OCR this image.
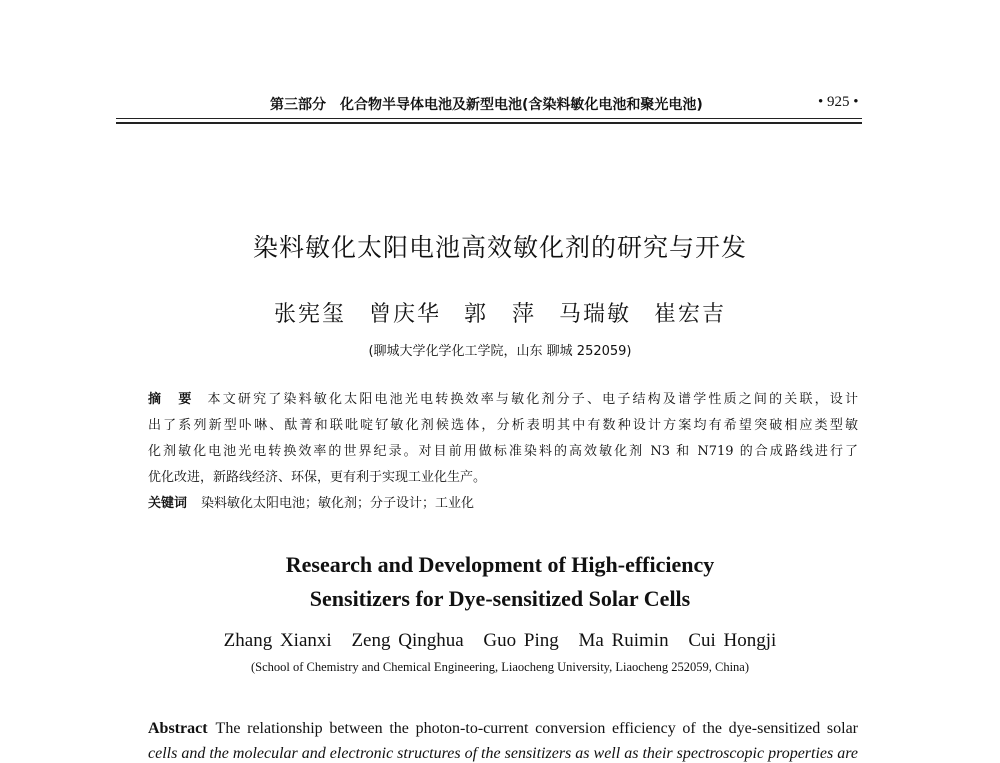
第三部分　化合物半导体电池及新型电池(含染料敏化电池和聚光电池)	• 925 •
染料敏化太阳电池高效敏化剂的研究与开发
张宪玺 曾庆华 郭　萍 马瑞敏 崔宏吉
(聊城大学化学化工学院，山东 聊城 252059)
摘　要 本文研究了染料敏化太阳电池光电转换效率与敏化剂分子、电子结构及谱学性质之间的关联，设计
出了系列新型卟啉、酞菁和联吡啶钌敏化剂候选体，分析表明其中有数种设计方案均有希望突破相应类型敏
化剂敏化电池光电转换效率的世界纪录。对目前用做标准染料的高效敏化剂 N3 和 N719 的合成路线进行了
优化改进，新路线经济、环保，更有利于实现工业化生产。
关键词 染料敏化太阳电池；敏化剂；分子设计；工业化
Research and Development of High-efficiency
Sensitizers for Dye-sensitized Solar Cells
Zhang Xianxi Zeng Qinghua Guo Ping Ma Ruimin Cui Hongji
(School of Chemistry and Chemical Engineering, Liaocheng University, Liaocheng 252059, China)
Abstract The relationship between the photon-to-current conversion efficiency of the dye-sensitized solar
cells and the molecular and electronic structures of the sensitizers as well as their spectroscopic properties are
